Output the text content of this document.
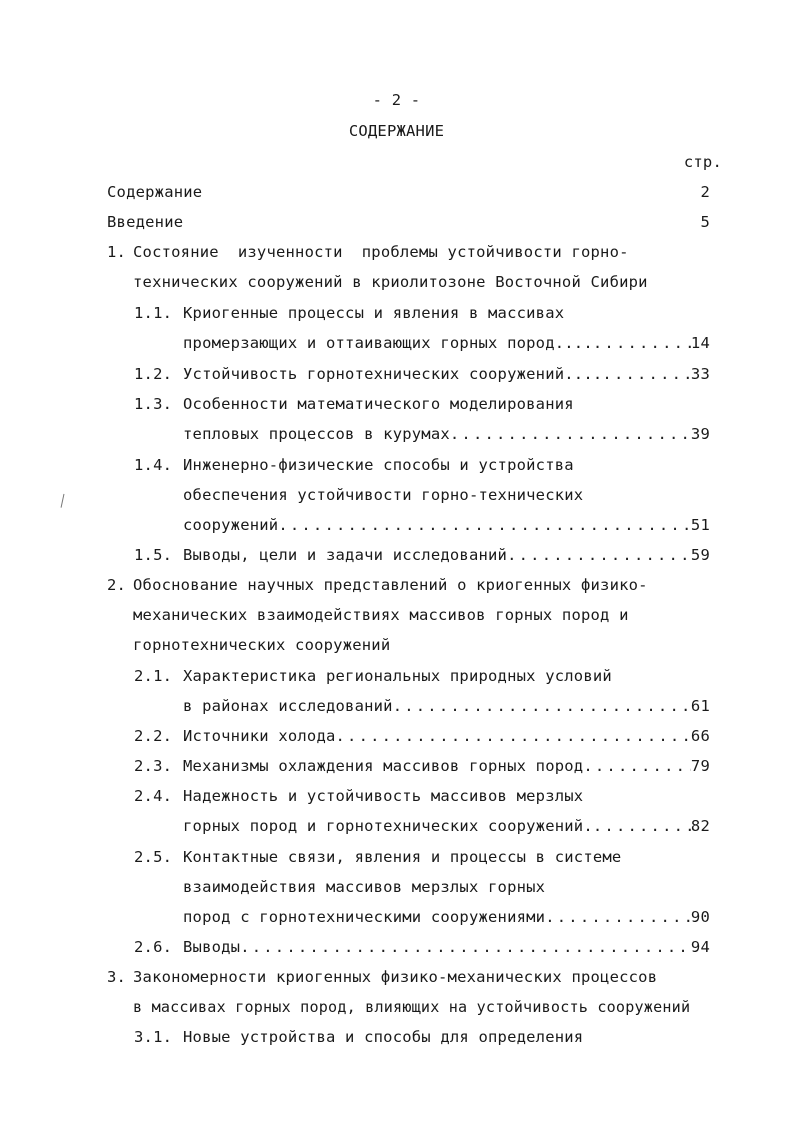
- 2 -
СОДЕРЖАНИЕ
стр.
Содержание	2
Введение	5
1. Состояние  изученности  проблемы устойчивости горно-
технических сооружений в криолитозоне Восточной Сибири
1.1. Криогенные процессы и явления в массивах
промерзающих и оттаивающих горных пород.... .....	14
1.2. Устойчивость горнотехнических сооружений.... .....	33
1.3. Особенности математического моделирования
тепловых процессов в курумах .....	39
1.4. Инженерно-физические способы и устройства
обеспечения устойчивости горно-технических
сооружений .....	51
1.5. Выводы, цели и задачи исследований .....	59
2. Обоснование научных представлений о криогенных физико-
механических взаимодействиях массивов горных пород и
горнотехнических сооружений
2.1. Характеристика региональных природных условий
в районах исследований .....	61
2.2. Источники холода .....	66
2.3. Механизмы охлаждения массивов горных пород .....	79
2.4. Надежность и устойчивость массивов мерзлых
горных пород и горнотехнических сооружений. .....	82
2.5. Контактные связи, явления и процессы в системе
взаимодействия массивов мерзлых горных
пород с горнотехническими сооружениями .....	90
2.6. Выводы .....	94
3. Закономерности криогенных физико-механических процессов
в массивах горных пород, влияющих на устойчивость сооружений
3.1. Новые устройства и способы для определения
